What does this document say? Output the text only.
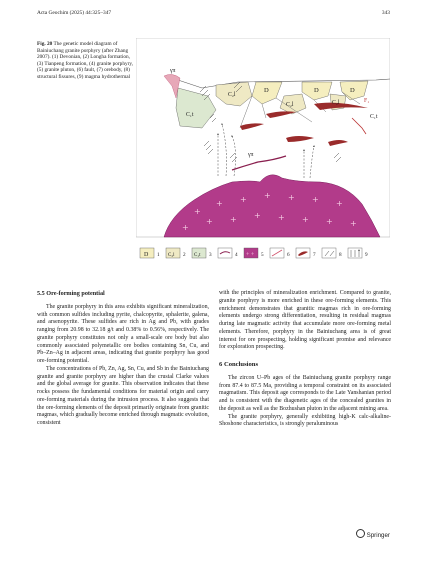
Acta Geochim (2025) 44:325–347	343
Fig. 20 The genetic model diagram of Bainiuchang granite porphyry (after Zhang 2007). (1) Devonian, (2) Longha formation, (3) Tianpeng formation, (4) granite porphyry, (5) granite pluton, (6) fault, (7) orebody, (8) structural fissures, (9) magma hydrothermal
+
+ + + + + +
+
+ + + + + + +
D	D	D
C₂l
C₂l	C₂l
C₁t	C₁t
F₁
γπ
γπ
D 1 C₂l 2 C₁t 3	4 + + 5	6	7	8	9
5.5 Ore-forming potential

The granite porphyry in this area exhibits significant mineralization, with common sulfides including pyrite, chalcopyrite, sphalerite, galena, and arsenopyrite. These sulfides are rich in Ag and Pb, with grades ranging from 20.98 to 32.18 g/t and 0.38% to 0.56%, respectively. The granite porphyry constitutes not only a small-scale ore body but also commonly associated polymetallic ore bodies containing Sn, Cu, and Pb–Zn–Ag in adjacent areas, indicating that granite porphyry has good ore-forming potential.

The concentrations of Pb, Zn, Ag, Sn, Cu, and Sb in the Bainiuchang granite and granite porphyry are higher than the crustal Clarke values and the global average for granite. This observation indicates that these rocks possess the fundamental conditions for material origin and carry ore-forming materials during the intrusion process. It also suggests that the ore-forming elements of the deposit primarily originate from granitic magmas, which gradually become enriched through magmatic evolution, consistent

with the principles of mineralization enrichment. Compared to granite, granite porphyry is more enriched in these ore-forming elements. This enrichment demonstrates that granitic magmas rich in ore-forming elements undergo strong differentiation, resulting in residual magmas during late magmatic activity that accumulate more ore-forming metal elements. Therefore, porphyry in the Bainiuchang area is of great interest for ore prospecting, holding significant promise and relevance for exploration prospecting.

6 Conclusions

The zircon U–Pb ages of the Bainiuchang granite porphyry range from 87.4 to 87.5 Ma, providing a temporal constraint on its associated magmatism. This deposit age corresponds to the Late Yanshanian period and is consistent with the diagenetic ages of the concealed granites in the deposit as well as the Bozhushan pluton in the adjacent mining area.

The granite porphyry, generally exhibiting high-K calc-alkaline-Shoshone characteristics, is strongly peraluminous

Springer
